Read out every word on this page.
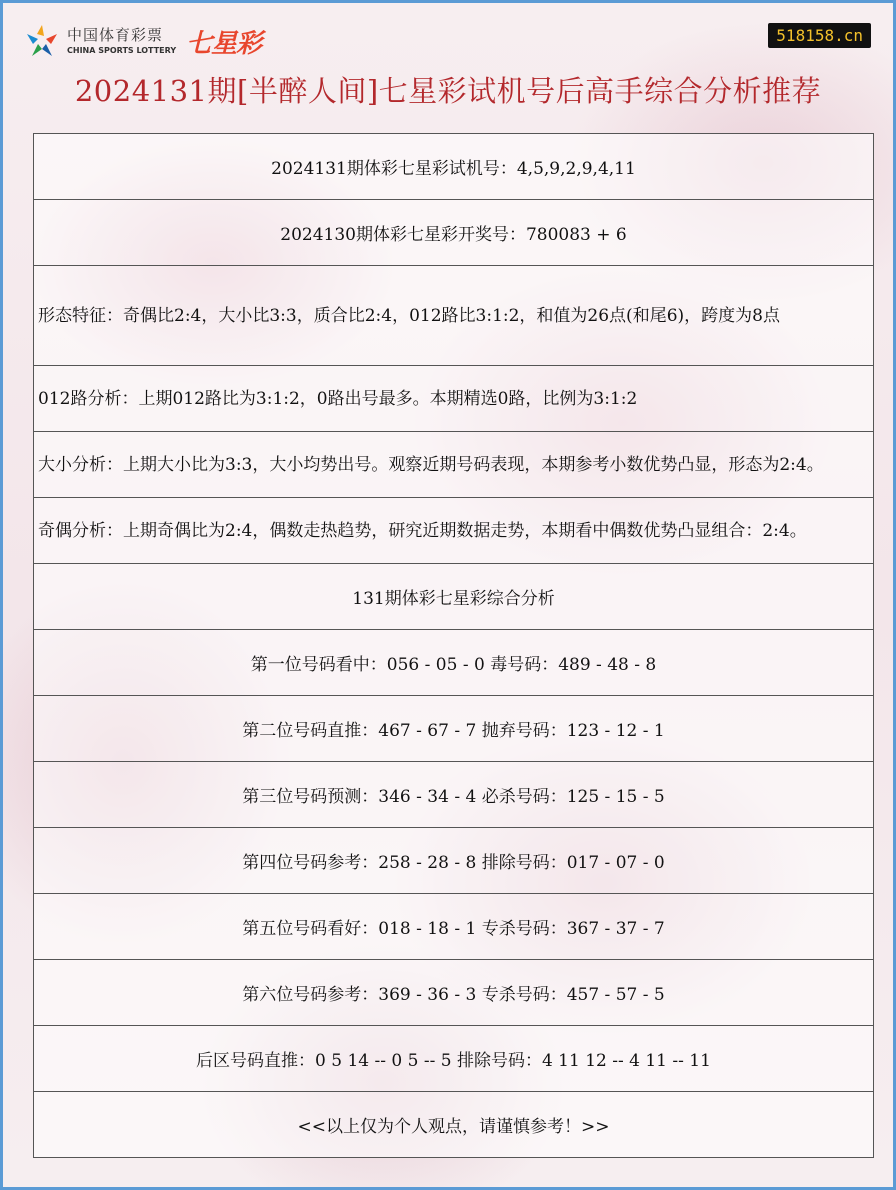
中国体育彩票
CHINA SPORTS LOTTERY 七星彩	518158.cn
2024131期[半醉人间]七星彩试机号后高手综合分析推荐
2024131期体彩七星彩试机号：4,5,9,2,9,4,11
2024130期体彩七星彩开奖号：780083 + 6
形态特征：奇偶比2:4，大小比3:3，质合比2:4，012路比3:1:2，和值为26点(和尾6)，跨度为8点
012路分析：上期012路比为3:1:2，0路出号最多。本期精选0路，比例为3:1:2
大小分析：上期大小比为3:3，大小均势出号。观察近期号码表现，本期参考小数优势凸显，形态为2:4。
奇偶分析：上期奇偶比为2:4，偶数走热趋势，研究近期数据走势，本期看中偶数优势凸显组合：2:4。
131期体彩七星彩综合分析
第一位号码看中：056 - 05 - 0 毒号码：489 - 48 - 8
第二位号码直推：467 - 67 - 7 抛弃号码：123 - 12 - 1
第三位号码预测：346 - 34 - 4 必杀号码：125 - 15 - 5
第四位号码参考：258 - 28 - 8 排除号码：017 - 07 - 0
第五位号码看好：018 - 18 - 1 专杀号码：367 - 37 - 7
第六位号码参考：369 - 36 - 3 专杀号码：457 - 57 - 5
后区号码直推：0 5 14 -- 0 5 -- 5 排除号码：4 11 12 -- 4 11 -- 11
<<以上仅为个人观点，请谨慎参考！>>
